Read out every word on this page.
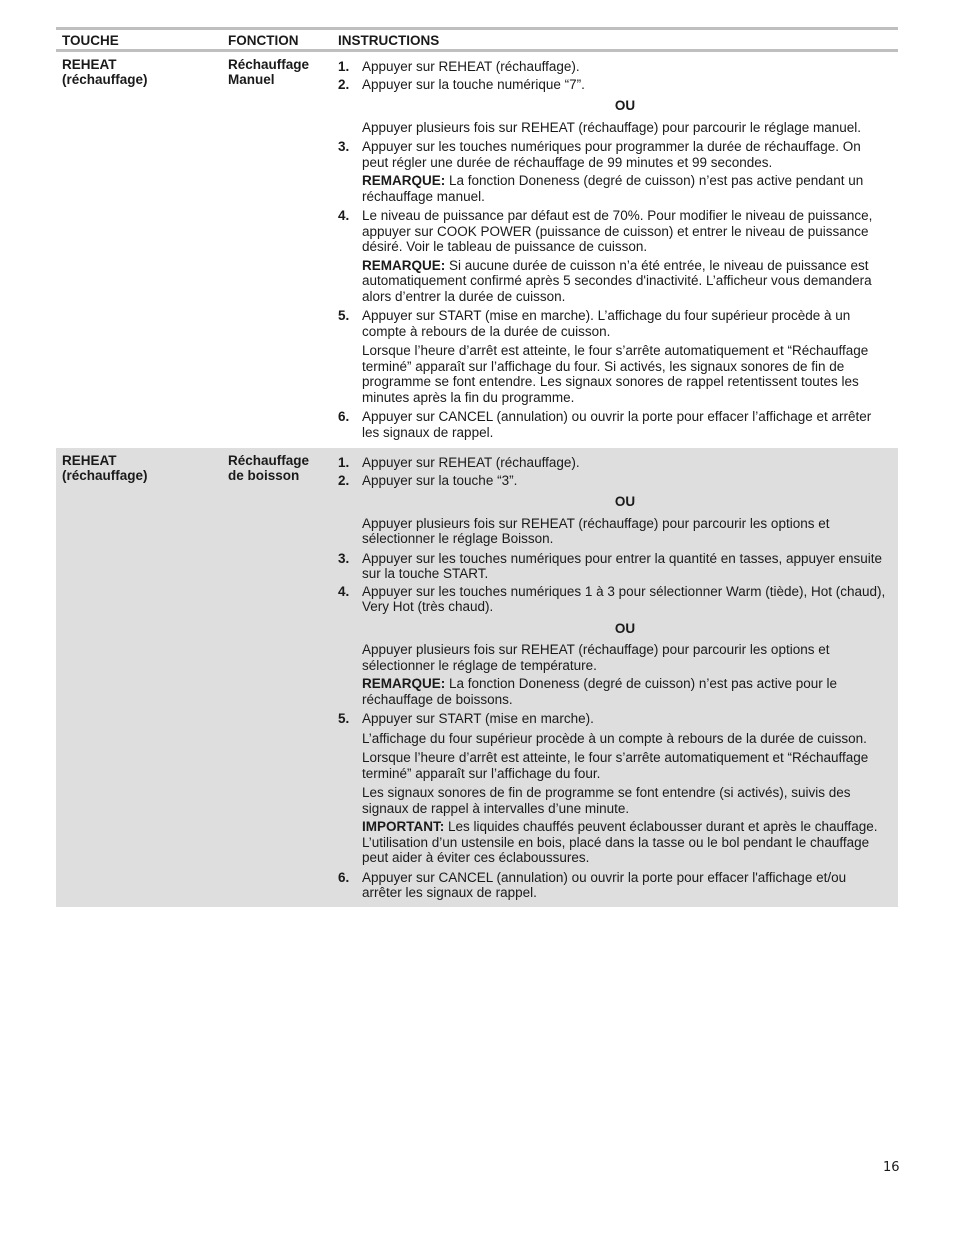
TOUCHE	FONCTION	INSTRUCTIONS
REHEAT
(réchauffage)
Réchauffage
Manuel
1. Appuyer sur REHEAT (réchauffage).
2. Appuyer sur la touche numérique “7”.
OU
Appuyer plusieurs fois sur REHEAT (réchauffage) pour parcourir le réglage manuel.
3. Appuyer sur les touches numériques pour programmer la durée de réchauffage. On peut régler une durée de réchauffage de 99 minutes et 99 secondes.
REMARQUE: La fonction Doneness (degré de cuisson) n’est pas active pendant un réchauffage manuel.
4. Le niveau de puissance par défaut est de 70%. Pour modifier le niveau de puissance, appuyer sur COOK POWER (puissance de cuisson) et entrer le niveau de puissance désiré. Voir le tableau de puissance de cuisson.
REMARQUE: Si aucune durée de cuisson n’a été entrée, le niveau de puissance est automatiquement confirmé après 5 secondes d'inactivité. L’afficheur vous demandera alors d’entrer la durée de cuisson.
5. Appuyer sur START (mise en marche). L’affichage du four supérieur procède à un compte à rebours de la durée de cuisson.
Lorsque l’heure d’arrêt est atteinte, le four s’arrête automatiquement et “Réchauffage terminé” apparaît sur l’affichage du four. Si activés, les signaux sonores de fin de programme se font entendre. Les signaux sonores de rappel retentissent toutes les minutes après la fin du programme.
6. Appuyer sur CANCEL (annulation) ou ouvrir la porte pour effacer l’affichage et arrêter les signaux de rappel.
REHEAT
(réchauffage)
Réchauffage
de boisson
1. Appuyer sur REHEAT (réchauffage).
2. Appuyer sur la touche “3”.
OU
Appuyer plusieurs fois sur REHEAT (réchauffage) pour parcourir les options et sélectionner le réglage Boisson.
3. Appuyer sur les touches numériques pour entrer la quantité en tasses, appuyer ensuite sur la touche START.
4. Appuyer sur les touches numériques 1 à 3 pour sélectionner Warm (tiède), Hot (chaud), Very Hot (très chaud).
OU
Appuyer plusieurs fois sur REHEAT (réchauffage) pour parcourir les options et sélectionner le réglage de température.
REMARQUE: La fonction Doneness (degré de cuisson) n’est pas active pour le réchauffage de boissons.
5. Appuyer sur START (mise en marche).
L’affichage du four supérieur procède à un compte à rebours de la durée de cuisson.
Lorsque l’heure d’arrêt est atteinte, le four s’arrête automatiquement et “Réchauffage terminé” apparaît sur l’affichage du four.
Les signaux sonores de fin de programme se font entendre (si activés), suivis des signaux de rappel à intervalles d’une minute.
IMPORTANT: Les liquides chauffés peuvent éclabousser durant et après le chauffage. L’utilisation d’un ustensile en bois, placé dans la tasse ou le bol pendant le chauffage peut aider à éviter ces éclaboussures.
6. Appuyer sur CANCEL (annulation) ou ouvrir la porte pour effacer l'affichage et/ou arrêter les signaux de rappel.
16
